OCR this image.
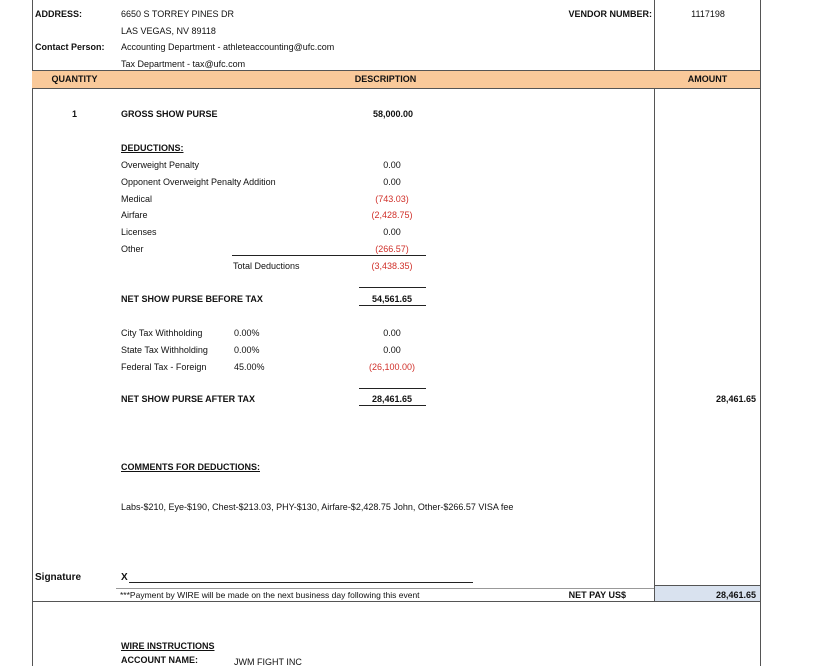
ADDRESS:	6650 S TORREY PINES DR
LAS VEGAS, NV 89118
Contact Person: Accounting Department - athleteaccounting@ufc.com
Tax Department - tax@ufc.com
VENDOR NUMBER:	1117198
QUANTITY	DESCRIPTION	AMOUNT
1	GROSS SHOW PURSE	58,000.00
DEDUCTIONS:
Overweight Penalty	0.00
Opponent Overweight Penalty Addition	0.00
Medical	(743.03)
Airfare	(2,428.75)
Licenses	0.00
Other	(266.57)
Total Deductions	(3,438.35)
NET SHOW PURSE BEFORE TAX	54,561.65
City Tax Withholding	0.00%	0.00
State Tax Withholding	0.00%	0.00
Federal Tax - Foreign	45.00%	(26,100.00)
NET SHOW PURSE AFTER TAX	28,461.65	28,461.65
COMMENTS FOR DEDUCTIONS:
Labs-$210, Eye-$190, Chest-$213.03, PHY-$130, Airfare-$2,428.75 John, Other-$266.57 VISA fee
Signature	X
***Payment by WIRE will be made on the next business day following this event	NET PAY US$	28,461.65
WIRE INSTRUCTIONS
ACCOUNT NAME:	JWM FIGHT INC
